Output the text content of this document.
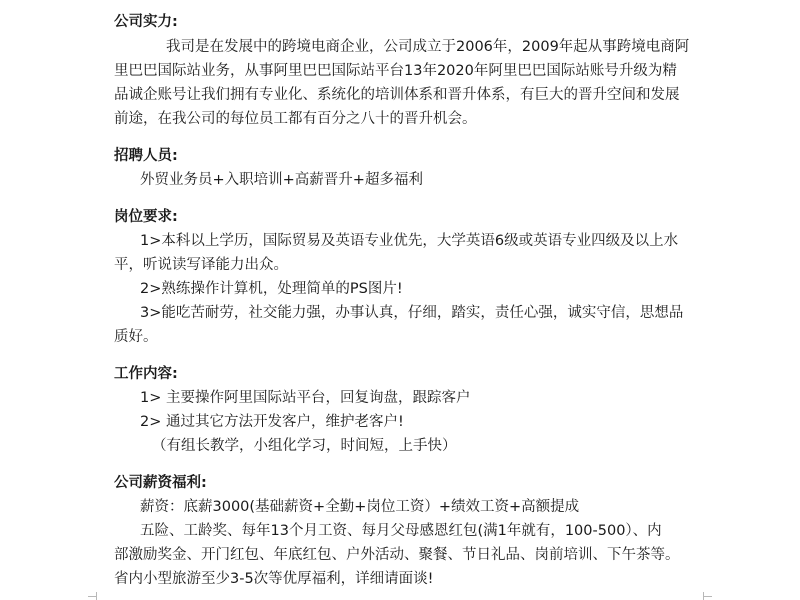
公司实力:
我司是在发展中的跨境电商企业，公司成立于2006年，2009年起从事跨境电商阿
里巴巴国际站业务，从事阿里巴巴国际站平台13年2020年阿里巴巴国际站账号升级为精
品诚企账号让我们拥有专业化、系统化的培训体系和晋升体系，有巨大的晋升空间和发展
前途，在我公司的每位员工都有百分之八十的晋升机会。
招聘人员:
外贸业务员+入职培训+高薪晋升+超多福利
岗位要求:
1>本科以上学历，国际贸易及英语专业优先，大学英语6级或英语专业四级及以上水
平，听说读写译能力出众。
2>熟练操作计算机，处理简单的PS图片!
3>能吃苦耐劳，社交能力强，办事认真，仔细，踏实，责任心强，诚实守信，思想品
质好。
工作内容:
1> 主要操作阿里国际站平台，回复询盘，跟踪客户
2> 通过其它方法开发客户，维护老客户!
（有组长教学，小组化学习，时间短，上手快）
公司薪资福利:
薪资：底薪3000(基础薪资+全勤+岗位工资）+绩效工资+高额提成
五险、工龄奖、每年13个月工资、每月父母感恩红包(满1年就有，100-500）、内
部激励奖金、开门红包、年底红包、户外活动、聚餐、节日礼品、岗前培训、下午茶等。
省内小型旅游至少3-5次等优厚福利，详细请面谈!
